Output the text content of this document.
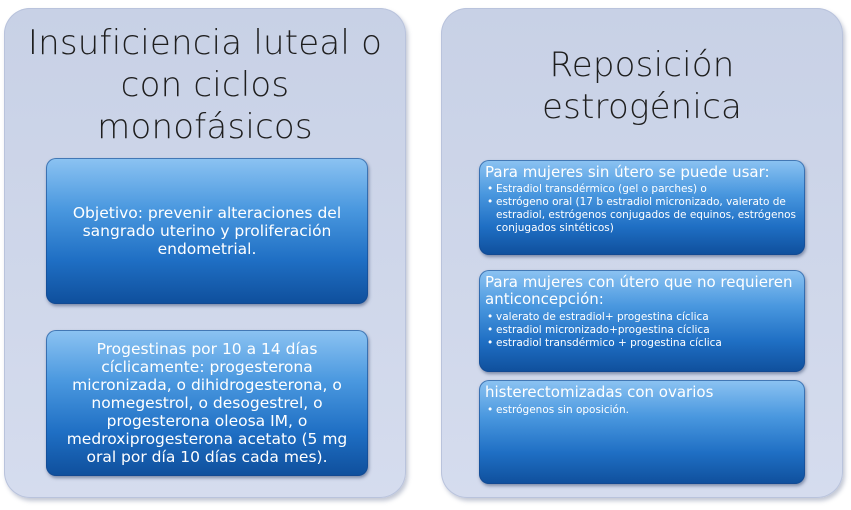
Insuficiencia luteal o con ciclos monofásicos
Objetivo: prevenir alteraciones del sangrado uterino y proliferación endometrial.
Progestinas por 10 a 14 días cíclicamente: progesterona micronizada, o dihidrogesterona, o nomegestrol, o desogestrel, o progesterona oleosa IM, o medroxiprogesterona acetato (5 mg oral por día 10 días cada mes).
Reposición estrogénica
Para mujeres sin útero se puede usar:
• Estradiol transdérmico (gel o parches) o
• estrógeno oral (17 b estradiol micronizado, valerato de estradiol, estrógenos conjugados de equinos, estrógenos conjugados sintéticos)
Para mujeres con útero que no requieren anticoncepción:
• valerato de estradiol+ progestina cíclica
• estradiol micronizado+progestina cíclica
• estradiol transdérmico + progestina cíclica
histerectomizadas con ovarios
• estrógenos sin oposición.
